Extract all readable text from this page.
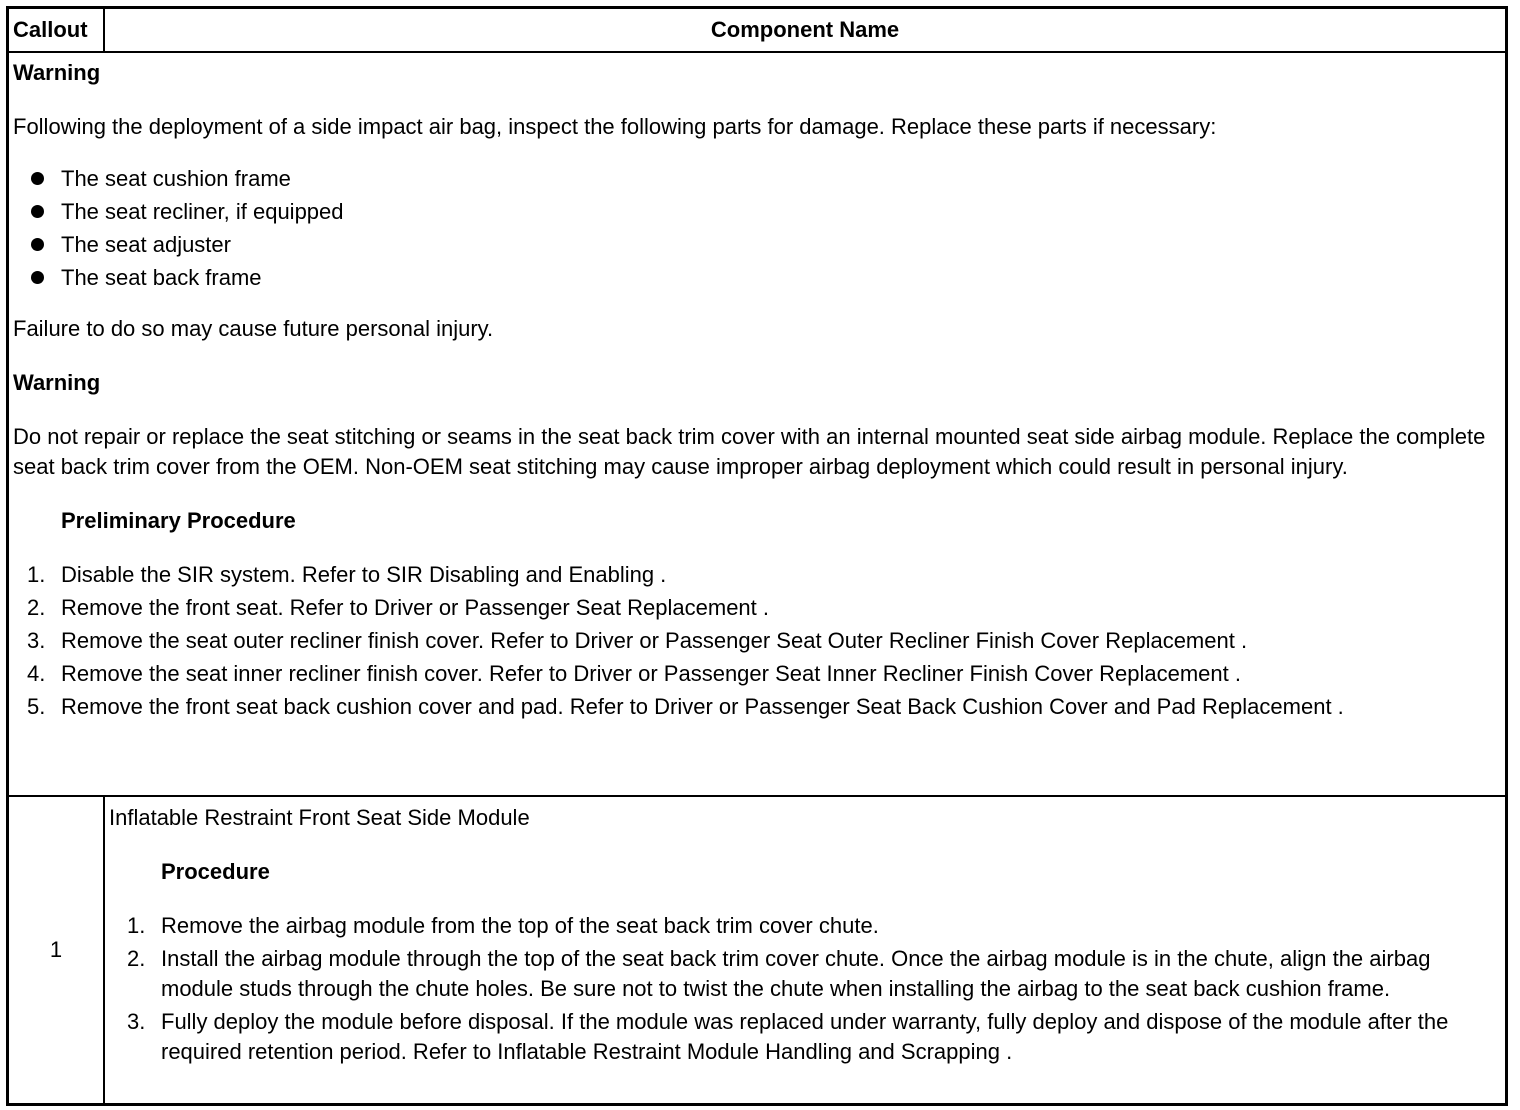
Callout	Component Name

Warning

Following the deployment of a side impact air bag, inspect the following parts for damage. Replace these parts if necessary:

The seat cushion frame
The seat recliner, if equipped
The seat adjuster
The seat back frame

Failure to do so may cause future personal injury.

Warning

Do not repair or replace the seat stitching or seams in the seat back trim cover with an internal mounted seat side airbag module. Replace the complete seat back trim cover from the OEM. Non-OEM seat stitching may cause improper airbag deployment which could result in personal injury.

Preliminary Procedure

1. Disable the SIR system. Refer to SIR Disabling and Enabling .
2. Remove the front seat. Refer to Driver or Passenger Seat Replacement .
3. Remove the seat outer recliner finish cover. Refer to Driver or Passenger Seat Outer Recliner Finish Cover Replacement .
4. Remove the seat inner recliner finish cover. Refer to Driver or Passenger Seat Inner Recliner Finish Cover Replacement .
5. Remove the front seat back cushion cover and pad. Refer to Driver or Passenger Seat Back Cushion Cover and Pad Replacement .
1

Inflatable Restraint Front Seat Side Module

Procedure

1. Remove the airbag module from the top of the seat back trim cover chute.
2. Install the airbag module through the top of the seat back trim cover chute. Once the airbag module is in the chute, align the airbag module studs through the chute holes. Be sure not to twist the chute when installing the airbag to the seat back cushion frame.
3. Fully deploy the module before disposal. If the module was replaced under warranty, fully deploy and dispose of the module after the required retention period. Refer to Inflatable Restraint Module Handling and Scrapping .
